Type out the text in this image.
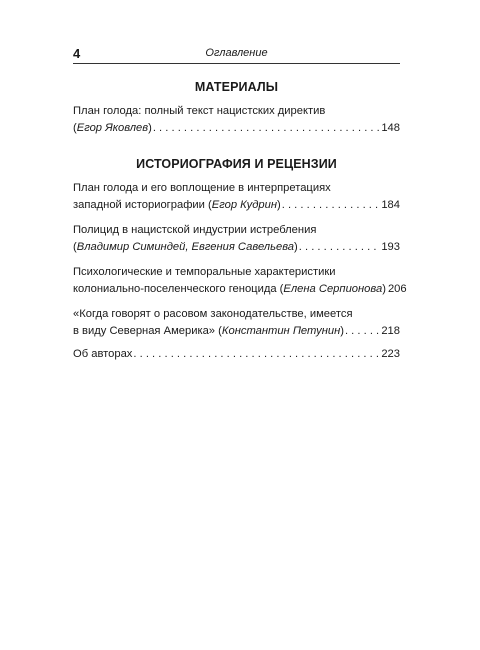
4	Оглавление
МАТЕРИАЛЫ
План голода: полный текст нацистских директив
( Егор Яковлев ) . . .	148
ИСТОРИОГРАФИЯ И РЕЦЕНЗИИ
План голода и его воплощение в интерпретациях
западной историографии ( Егор Кудрин ) . . .	184
Полицид в нацистской индустрии истребления
( Владимир Симиндей, Евгения Савельева ) . . .	193
Психологические и темпоральные характеристики
колониально-поселенческого геноцида ( Елена Серпионова ) 206
«Когда говорят о расовом законодательстве, имеется
в виду Северная Америка» ( Константин Петунин ) . . .	218
Об авторах . . .	223
